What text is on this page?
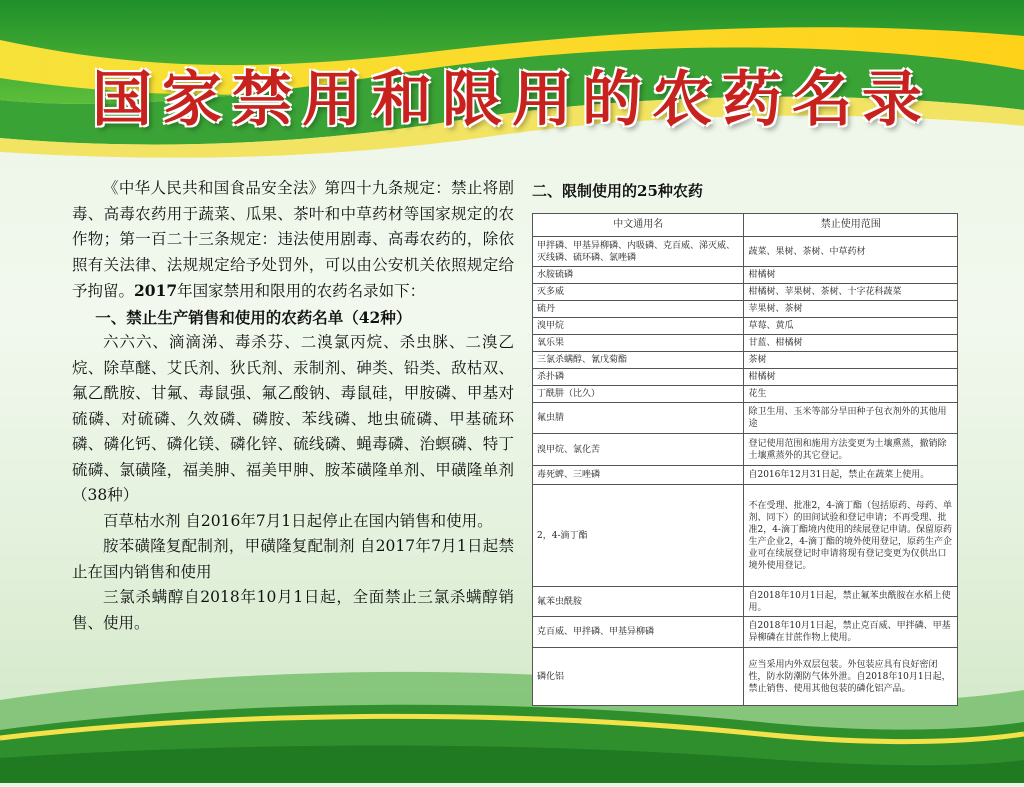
国家禁用和限用的农药名录

《中华人民共和国食品安全法》第四十九条规定：禁止将剧毒、高毒农药用于蔬菜、瓜果、茶叶和中草药材等国家规定的农作物；第一百二十三条规定：违法使用剧毒、高毒农药的，除依照有关法律、法规规定给予处罚外，可以由公安机关依照规定给予拘留。2017年国家禁用和限用的农药名录如下：

一、禁止生产销售和使用的农药名单（42种）

六六六、滴滴涕、毒杀芬、二溴氯丙烷、杀虫脒、二溴乙烷、除草醚、艾氏剂、狄氏剂、汞制剂、砷类、铅类、敌枯双、氟乙酰胺、甘氟、毒鼠强、氟乙酸钠、毒鼠硅，甲胺磷、甲基对硫磷、对硫磷、久效磷、磷胺、苯线磷、地虫硫磷、甲基硫环磷、磷化钙、磷化镁、磷化锌、硫线磷、蝇毒磷、治螟磷、特丁硫磷、氯磺隆，福美胂、福美甲胂、胺苯磺隆单剂、甲磺隆单剂（38种）

百草枯水剂 自2016年7月1日起停止在国内销售和使用。

胺苯磺隆复配制剂，甲磺隆复配制剂 自2017年7月1日起禁止在国内销售和使用

三氯杀螨醇自2018年10月1日起，全面禁止三氯杀螨醇销售、使用。

二、限制使用的25种农药
中文通用名	禁止使用范围
甲拌磷、甲基异柳磷、内吸磷、克百威、涕灭威、灭线磷、硫环磷、氯唑磷	蔬菜、果树、茶树、中草药材
水胺硫磷	柑橘树
灭多威	柑橘树、苹果树、茶树、十字花科蔬菜
硫丹	苹果树、茶树
溴甲烷	草莓、黄瓜
氧乐果	甘蓝、柑橘树
三氯杀螨醇、氰戊菊酯	茶树
杀扑磷	柑橘树
丁酰肼（比久）	花生
氟虫腈	除卫生用、玉米等部分旱田种子包衣剂外的其他用途
溴甲烷、氯化苦	登记使用范围和施用方法变更为土壤熏蒸，撤销除土壤熏蒸外的其它登记。
毒死蜱、三唑磷	自2016年12月31日起，禁止在蔬菜上使用。
2，4-滴丁酯	不在受理、批准2，4-滴丁酯（包括原药、母药、单剂、同下）的田间试验和登记申请；不再受理、批准2，4-滴丁酯境内使用的续展登记申请。保留原药生产企业2，4-滴丁酯的境外使用登记，原药生产企业可在续展登记时申请将现有登记变更为仅供出口境外使用登记。
氟苯虫酰胺	自2018年10月1日起，禁止氟苯虫酰胺在水稻上使用。
克百威、甲拌磷、甲基异柳磷	自2018年10月1日起，禁止克百威、甲拌磷、甲基异柳磷在甘蔗作物上使用。
磷化铝	应当采用内外双层包装。外包装应具有良好密闭性，防水防潮防气体外泄。自2018年10月1日起，禁止销售、使用其他包装的磷化铝产品。
